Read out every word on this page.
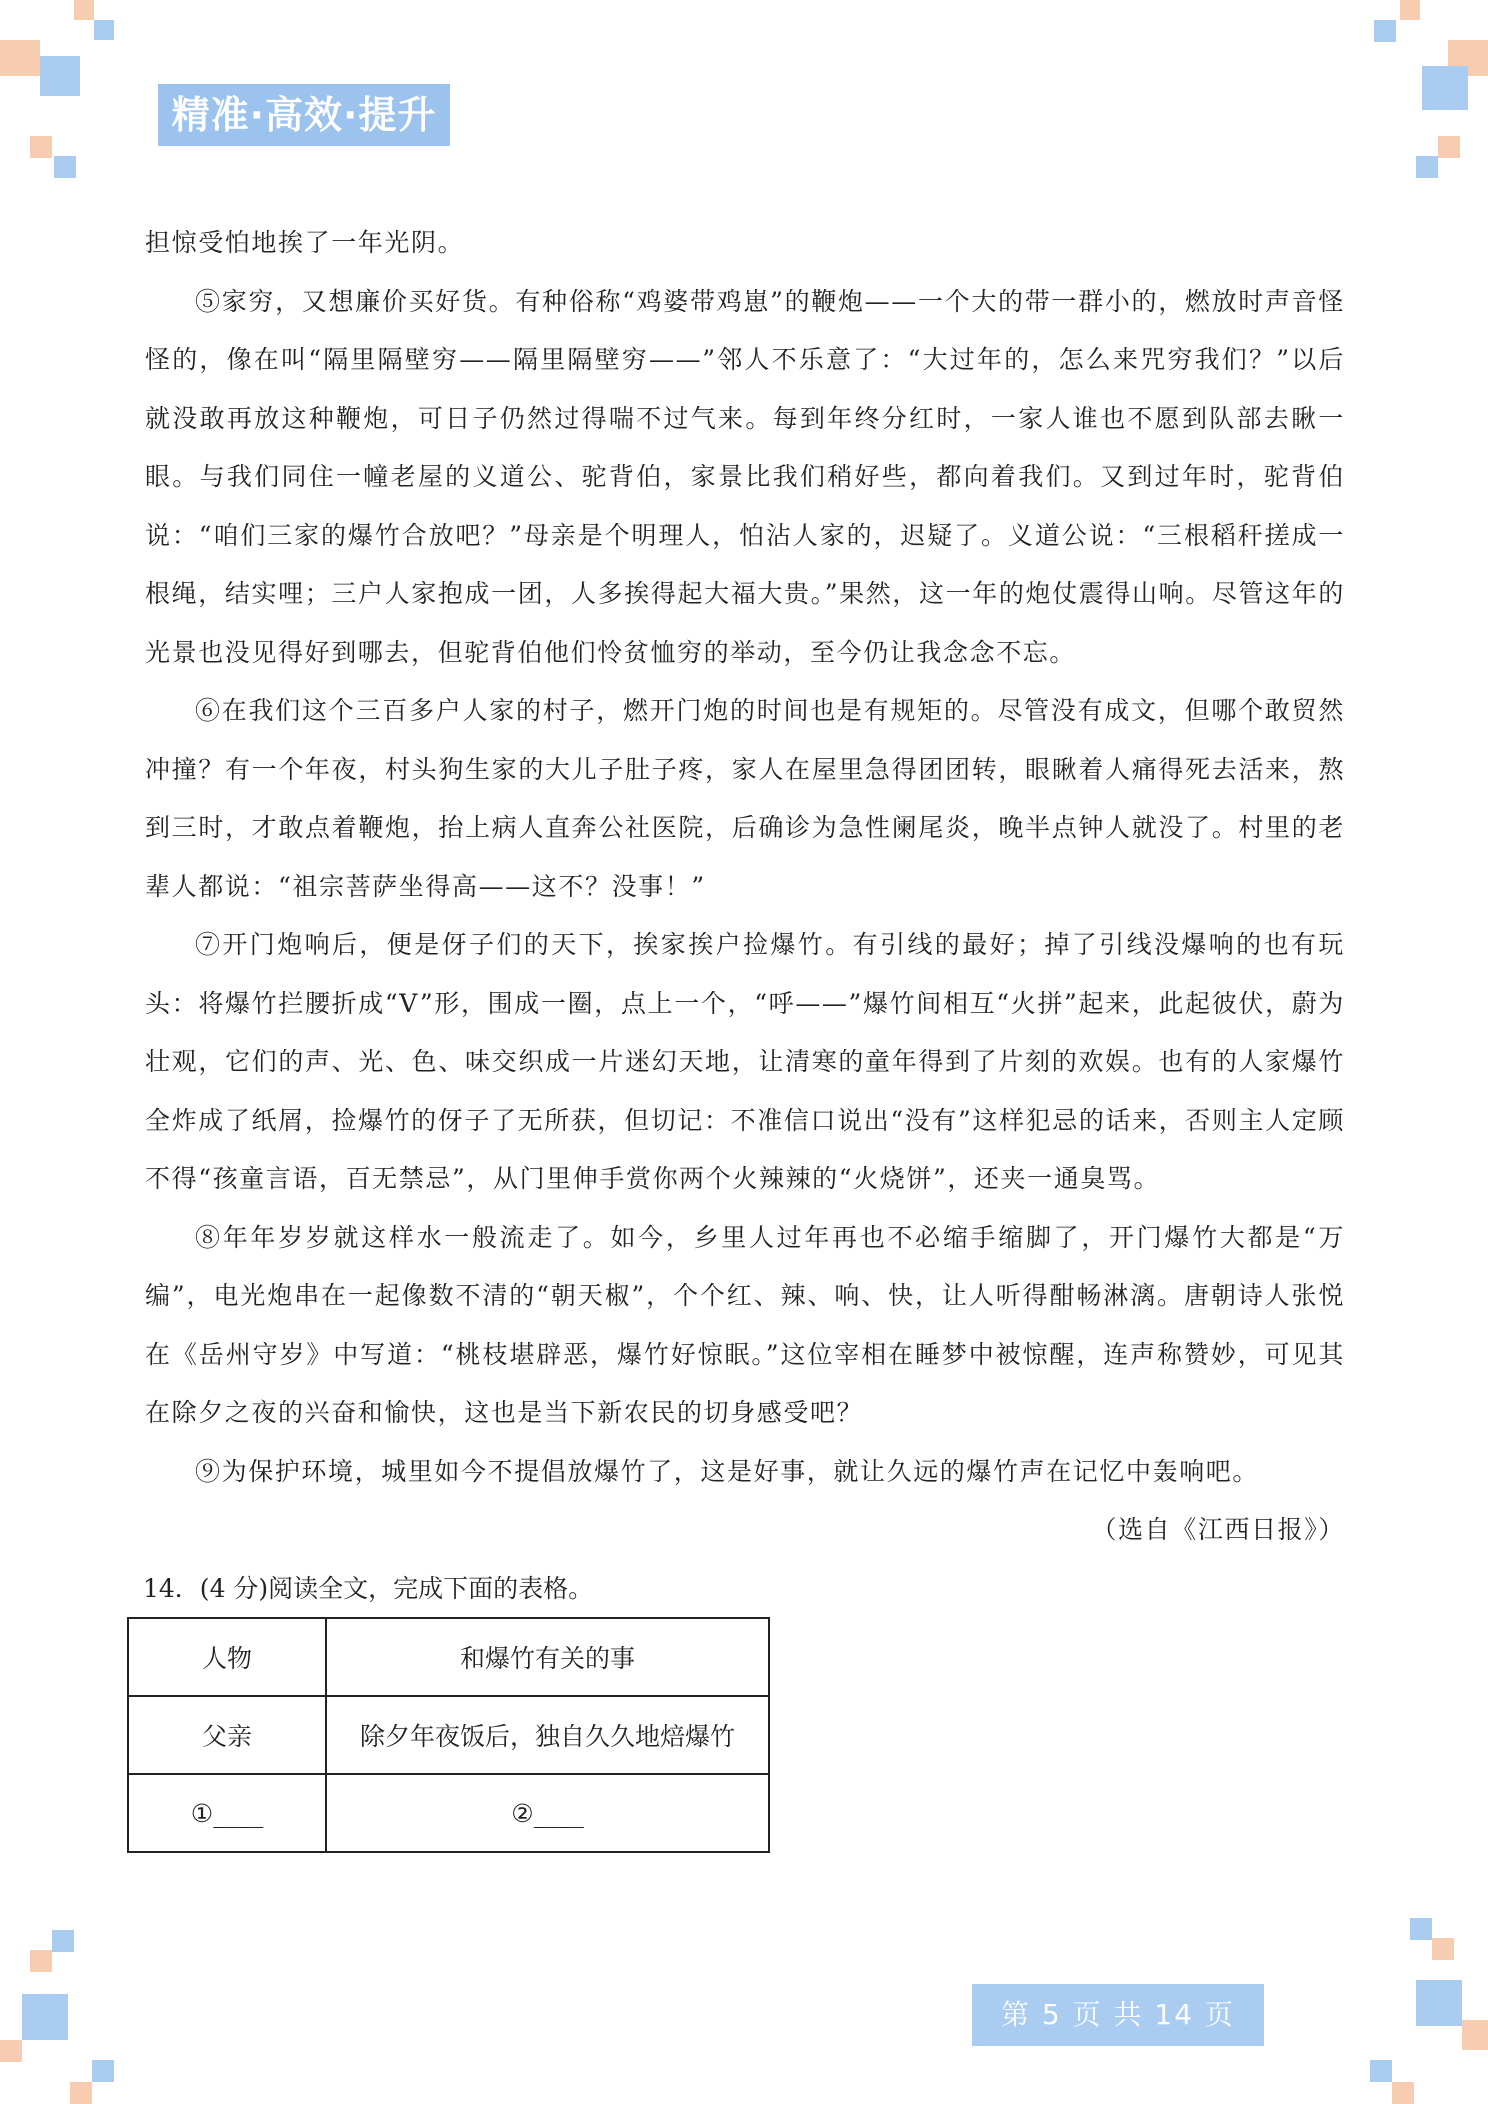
精准·高效·提升

担惊受怕地挨了一年光阴。

⑤家穷，又想廉价买好货。有种俗称“鸡婆带鸡崽”的鞭炮——一个大的带一群小的，燃放时声音怪怪的，像在叫“隔里隔壁穷——隔里隔壁穷——”邻人不乐意了：“大过年的，怎么来咒穷我们？”以后就没敢再放这种鞭炮，可日子仍然过得喘不过气来。每到年终分红时，一家人谁也不愿到队部去瞅一眼。与我们同住一幢老屋的义道公、驼背伯，家景比我们稍好些，都向着我们。又到过年时，驼背伯说：“咱们三家的爆竹合放吧？”母亲是个明理人，怕沾人家的，迟疑了。义道公说：“三根稻秆搓成一根绳，结实哩；三户人家抱成一团，人多挨得起大福大贵。”果然，这一年的炮仗震得山响。尽管这年的光景也没见得好到哪去，但驼背伯他们怜贫恤穷的举动，至今仍让我念念不忘。

⑥在我们这个三百多户人家的村子，燃开门炮的时间也是有规矩的。尽管没有成文，但哪个敢贸然冲撞？有一个年夜，村头狗生家的大儿子肚子疼，家人在屋里急得团团转，眼瞅着人痛得死去活来，熬到三时，才敢点着鞭炮，抬上病人直奔公社医院，后确诊为急性阑尾炎，晚半点钟人就没了。村里的老辈人都说：“祖宗菩萨坐得高——这不？没事！”

⑦开门炮响后，便是伢子们的天下，挨家挨户捡爆竹。有引线的最好；掉了引线没爆响的也有玩头：将爆竹拦腰折成“V”形，围成一圈，点上一个，“呼——”爆竹间相互“火拼”起来，此起彼伏，蔚为壮观，它们的声、光、色、味交织成一片迷幻天地，让清寒的童年得到了片刻的欢娱。也有的人家爆竹全炸成了纸屑，捡爆竹的伢子了无所获，但切记：不准信口说出“没有”这样犯忌的话来，否则主人定顾不得“孩童言语，百无禁忌”，从门里伸手赏你两个火辣辣的“火烧饼”，还夹一通臭骂。

⑧年年岁岁就这样水一般流走了。如今，乡里人过年再也不必缩手缩脚了，开门爆竹大都是“万编”，电光炮串在一起像数不清的“朝天椒”，个个红、辣、响、快，让人听得酣畅淋漓。唐朝诗人张悦在《岳州守岁》中写道：“桃枝堪辟恶，爆竹好惊眠。”这位宰相在睡梦中被惊醒，连声称赞妙，可见其在除夕之夜的兴奋和愉快，这也是当下新农民的切身感受吧？

⑨为保护环境，城里如今不提倡放爆竹了，这是好事，就让久远的爆竹声在记忆中轰响吧。

（选自《江西日报》）

14．(4 分)阅读全文，完成下面的表格。
人物	和爆竹有关的事
父亲	除夕年夜饭后，独自久久地焙爆竹
①____	②____
第 5 页 共 14 页
